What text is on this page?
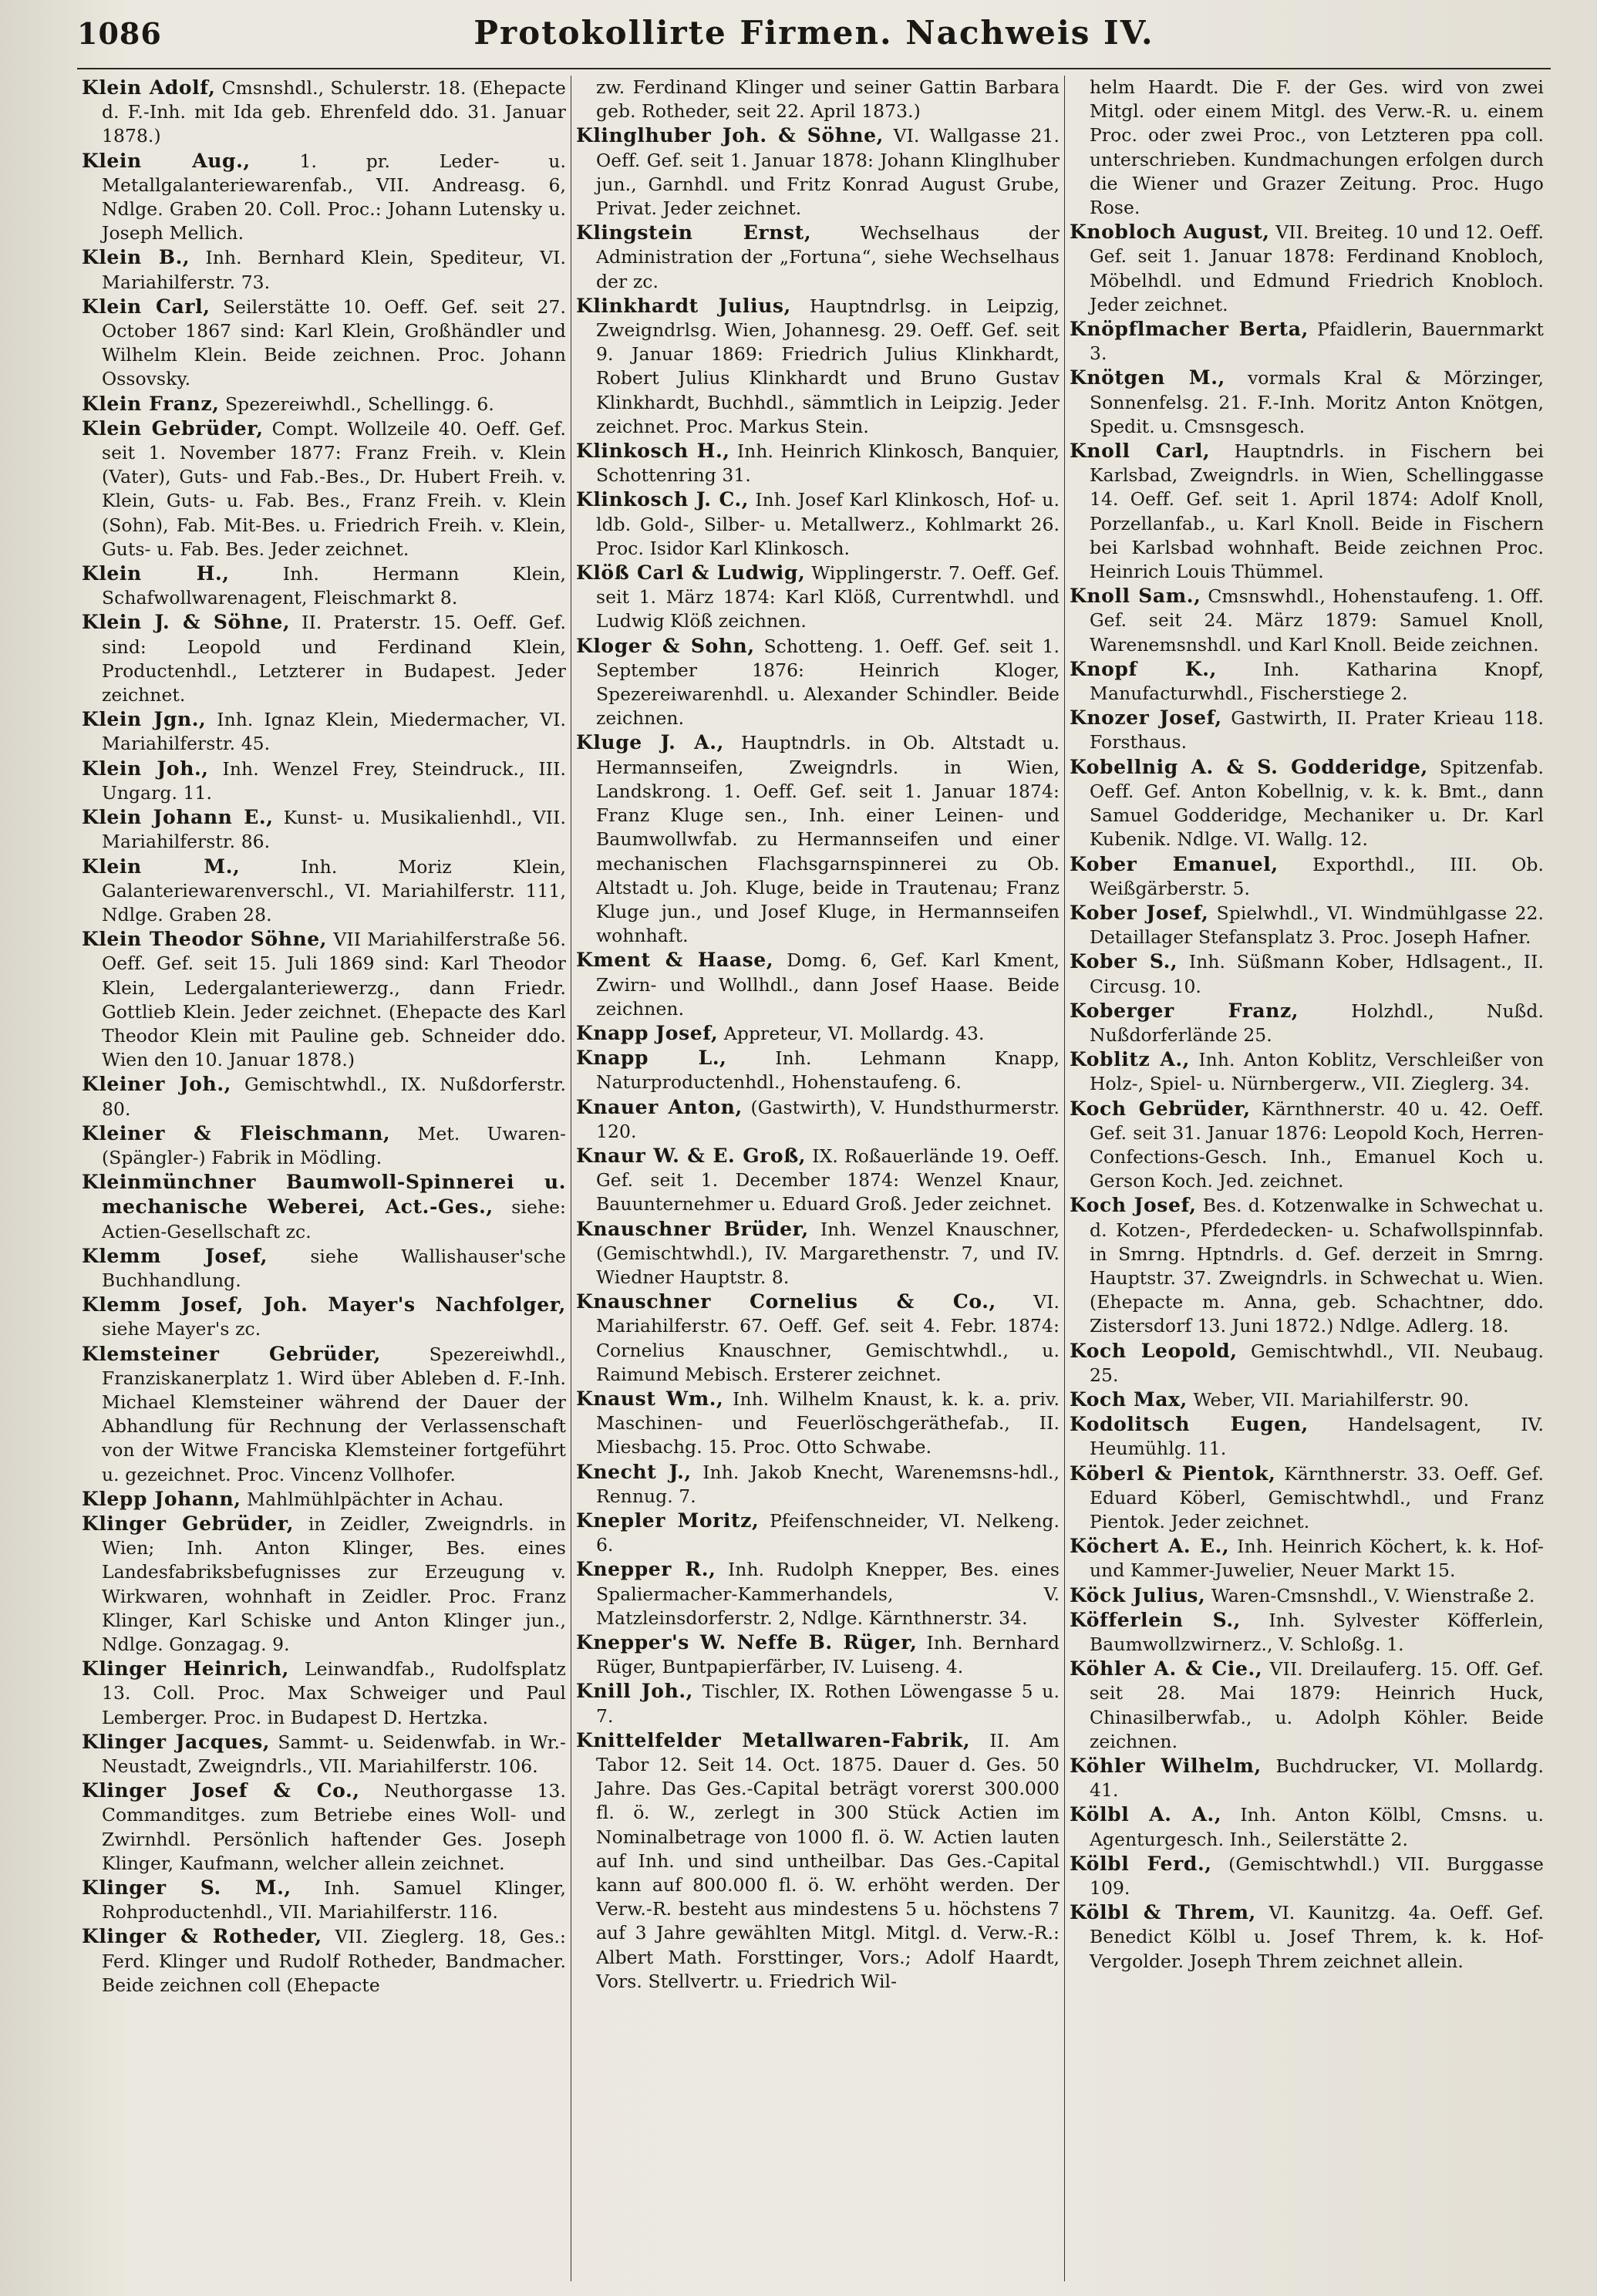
1086	Protokollirte Firmen. Nachweis IV.

Klein Adolf, Cmsnshdl., Schulerstr. 18. (Ehepacte d. F.-Inh. mit Ida geb. Ehrenfeld ddo. 31. Januar 1878.)

Klein Aug.,	1. pr. Leder- u. Metallgalanteriewarenfab., VII. Andreasg. 6, Ndlge. Graben 20. Coll. Proc.: Johann Lutensky u. Joseph Mellich.

Klein B., Inh. Bernhard Klein, Spediteur, VI. Mariahilferstr. 73.

Klein Carl, Seilerstätte 10. Oeff. Gef. seit 27. October 1867 sind: Karl Klein, Großhändler und Wilhelm Klein. Beide zeichnen. Proc. Johann Ossovsky.

Klein Franz, Spezereiwhdl., Schellingg. 6.

Klein Gebrüder, Compt. Wollzeile 40. Oeff. Gef. seit 1. November 1877: Franz Freih. v. Klein (Vater), Guts- und Fab.-Bes., Dr. Hubert Freih. v. Klein, Guts- u. Fab. Bes., Franz Freih. v. Klein (Sohn), Fab. Mit-Bes. u. Friedrich Freih. v. Klein, Guts- u. Fab. Bes. Jeder zeichnet.

Klein H.,	Inh. Hermann Klein, Schafwollwarenagent, Fleischmarkt 8.

Klein J. & Söhne, II. Praterstr. 15. Oeff. Gef. sind: Leopold und Ferdinand Klein, Productenhdl., Letzterer in Budapest. Jeder zeichnet.

Klein Jgn., Inh. Ignaz Klein, Miedermacher, VI. Mariahilferstr. 45.

Klein Joh., Inh. Wenzel Frey, Steindruck., III. Ungarg. 11.

Klein Johann E., Kunst- u. Musikalienhdl., VII. Mariahilferstr. 86.

Klein M.,	Inh. Moriz Klein, Galanteriewarenverschl., VI. Mariahilferstr. 111, Ndlge. Graben 28.

Klein Theodor Söhne, VII Mariahilferstraße 56. Oeff. Gef. seit 15. Juli 1869 sind: Karl Theodor Klein, Ledergalanteriewerzg., dann Friedr. Gottlieb Klein. Jeder zeichnet. (Ehepacte des Karl Theodor Klein mit Pauline geb. Schneider ddo. Wien den 10. Januar 1878.)

Kleiner Joh., Gemischtwhdl., IX. Nußdorferstr. 80.

Kleiner & Fleischmann, Met. Uwaren-(Spängler-) Fabrik in Mödling.

Kleinmünchner Baumwoll-Spinnerei u. mechanische Weberei, Act.-Ges., siehe: Actien-Gesellschaft zc.

Klemm Josef, siehe Wallishauser'sche Buchhandlung.

Klemm Josef, Joh. Mayer's Nachfolger, siehe Mayer's zc.

Klemsteiner Gebrüder,	Spezereiwhdl., Franziskanerplatz 1. Wird über Ableben d. F.-Inh. Michael Klemsteiner während der Dauer der Abhandlung für Rechnung der Verlassenschaft von der Witwe Franciska Klemsteiner fortgeführt u. gezeichnet. Proc. Vincenz Vollhofer.

Klepp Johann, Mahlmühlpächter in Achau.

Klinger Gebrüder, in Zeidler, Zweigndrls. in Wien; Inh. Anton Klinger, Bes. eines Landesfabriksbefugnisses zur Erzeugung v. Wirkwaren, wohnhaft in Zeidler. Proc. Franz Klinger, Karl Schiske und Anton Klinger jun., Ndlge. Gonzagag. 9.

Klinger Heinrich, Leinwandfab., Rudolfsplatz 13. Coll. Proc. Max Schweiger und Paul Lemberger. Proc. in Budapest D. Hertzka.

Klinger Jacques, Sammt- u. Seidenwfab. in Wr.-Neustadt, Zweigndrls., VII. Mariahilferstr. 106.

Klinger Josef & Co., Neuthorgasse 13. Commanditges. zum Betriebe eines Woll- und Zwirnhdl. Persönlich haftender Ges. Joseph Klinger, Kaufmann, welcher allein zeichnet.

Klinger S. M., Inh. Samuel Klinger, Rohproductenhdl., VII. Mariahilferstr. 116.

Klinger & Rotheder, VII. Zieglerg. 18, Ges.: Ferd. Klinger und Rudolf Rotheder, Bandmacher. Beide zeichnen coll (Ehepacte

zw. Ferdinand Klinger und seiner Gattin Barbara geb. Rotheder, seit 22. April 1873.)

Klinglhuber Joh. & Söhne, VI. Wallgasse 21. Oeff. Gef. seit 1. Januar 1878: Johann Klinglhuber jun., Garnhdl. und Fritz Konrad August Grube, Privat. Jeder zeichnet.

Klingstein Ernst,	Wechselhaus der Administration der „Fortuna“, siehe Wechselhaus der zc.

Klinkhardt Julius, Hauptndrlsg. in Leipzig, Zweigndrlsg. Wien, Johannesg. 29. Oeff. Gef. seit 9. Januar 1869: Friedrich Julius Klinkhardt, Robert Julius Klinkhardt und Bruno Gustav Klinkhardt, Buchhdl., sämmtlich in Leipzig. Jeder zeichnet. Proc. Markus Stein.

Klinkosch H., Inh. Heinrich Klinkosch, Banquier, Schottenring 31.

Klinkosch J. C., Inh. Josef Karl Klinkosch, Hof- u. ldb. Gold-, Silber- u. Metallwerz., Kohlmarkt 26. Proc. Isidor Karl Klinkosch.

Klöß Carl & Ludwig, Wipplingerstr. 7. Oeff. Gef. seit 1. März 1874: Karl Klöß, Currentwhdl. und Ludwig Klöß zeichnen.

Kloger & Sohn, Schotteng. 1. Oeff. Gef. seit 1. September 1876: Heinrich Kloger, Spezereiwarenhdl. u. Alexander Schindler. Beide zeichnen.

Kluge J. A., Hauptndrls. in Ob. Altstadt u. Hermannseifen, Zweigndrls. in Wien, Landskrong. 1. Oeff. Gef. seit 1. Januar 1874: Franz Kluge sen., Inh. einer Leinen- und Baumwollwfab. zu Hermannseifen und einer mechanischen Flachsgarnspinnerei zu Ob. Altstadt u. Joh. Kluge, beide in Trautenau; Franz Kluge jun., und Josef Kluge, in Hermannseifen wohnhaft.

Kment & Haase, Domg. 6, Gef. Karl Kment, Zwirn- und Wollhdl., dann Josef Haase. Beide zeichnen.

Knapp Josef, Appreteur, VI. Mollardg. 43.

Knapp L.,	Inh. Lehmann Knapp, Naturproductenhdl., Hohenstaufeng. 6.

Knauer Anton, (Gastwirth), V. Hundsthurmerstr. 120.

Knaur W. & E. Groß, IX. Roßauerlände 19. Oeff. Gef. seit 1. December 1874: Wenzel Knaur, Bauunternehmer u. Eduard Groß. Jeder zeichnet.

Knauschner Brüder, Inh. Wenzel Knauschner, (Gemischtwhdl.), IV. Margarethenstr. 7, und IV. Wiedner Hauptstr. 8.

Knauschner Cornelius & Co., VI. Mariahilferstr. 67. Oeff. Gef. seit 4. Febr. 1874: Cornelius Knauschner, Gemischtwhdl., u. Raimund Mebisch. Ersterer zeichnet.

Knaust Wm., Inh. Wilhelm Knaust, k. k. a. priv. Maschinen- und Feuerlöschgeräthefab., II. Miesbachg. 15. Proc. Otto Schwabe.

Knecht J., Inh. Jakob Knecht, Warenemsns-hdl., Rennug. 7.

Knepler Moritz, Pfeifenschneider, VI. Nelkeng. 6.

Knepper R., Inh. Rudolph Knepper, Bes. eines Spaliermacher-Kammerhandels, V. Matzleinsdorferstr. 2, Ndlge. Kärnthnerstr. 34.

Knepper's W. Neffe B. Rüger, Inh. Bernhard Rüger, Buntpapierfärber, IV. Luiseng. 4.

Knill Joh., Tischler, IX. Rothen Löwengasse 5 u. 7.

Knittelfelder Metallwaren-Fabrik, II. Am Tabor 12. Seit 14. Oct. 1875. Dauer d. Ges. 50 Jahre. Das Ges.-Capital beträgt vorerst 300.000 fl. ö. W., zerlegt in 300 Stück Actien im Nominalbetrage von 1000 fl. ö. W. Actien lauten auf Inh. und sind untheilbar. Das Ges.-Capital kann auf 800.000 fl. ö. W. erhöht werden. Der Verw.-R. besteht aus mindestens 5 u. höchstens 7 auf 3 Jahre gewählten Mitgl. Mitgl. d. Verw.-R.: Albert Math. Forsttinger, Vors.; Adolf Haardt, Vors. Stellvertr. u. Friedrich Wil-

helm Haardt. Die F. der Ges. wird von zwei Mitgl. oder einem Mitgl. des Verw.-R. u. einem Proc. oder zwei Proc., von Letzteren ppa coll. unterschrieben. Kundmachungen erfolgen durch die Wiener und Grazer Zeitung. Proc. Hugo Rose.

Knobloch August, VII. Breiteg. 10 und 12. Oeff. Gef. seit 1. Januar 1878: Ferdinand Knobloch, Möbelhdl. und Edmund Friedrich Knobloch. Jeder zeichnet.

Knöpflmacher Berta, Pfaidlerin, Bauernmarkt 3.

Knötgen M., vormals Kral & Mörzinger, Sonnenfelsg. 21. F.-Inh. Moritz Anton Knötgen, Spedit. u. Cmsnsgesch.

Knoll Carl, Hauptndrls. in Fischern bei Karlsbad, Zweigndrls. in Wien, Schellinggasse 14. Oeff. Gef. seit 1. April 1874: Adolf Knoll, Porzellanfab., u. Karl Knoll. Beide in Fischern bei Karlsbad wohnhaft. Beide zeichnen Proc. Heinrich Louis Thümmel.

Knoll Sam., Cmsnswhdl., Hohenstaufeng. 1. Off. Gef. seit 24. März 1879: Samuel Knoll, Warenemsnshdl. und Karl Knoll. Beide zeichnen.

Knopf K.,	Inh. Katharina Knopf, Manufacturwhdl., Fischerstiege 2.

Knozer Josef, Gastwirth, II. Prater Krieau 118. Forsthaus.

Kobellnig A. & S. Godderidge, Spitzenfab. Oeff. Gef. Anton Kobellnig, v. k. k. Bmt., dann Samuel Godderidge, Mechaniker u. Dr. Karl Kubenik. Ndlge. VI. Wallg. 12.

Kober Emanuel, Exporthdl., III. Ob. Weißgärberstr. 5.

Kober Josef, Spielwhdl., VI. Windmühlgasse 22. Detaillager Stefansplatz 3. Proc. Joseph Hafner.

Kober S., Inh. Süßmann Kober, Hdlsagent., II. Circusg. 10.

Koberger Franz,	Holzhdl., Nußd. Nußdorferlände 25.

Koblitz A., Inh. Anton Koblitz, Verschleißer von Holz-, Spiel- u. Nürnbergerw., VII. Zieglerg. 34.

Koch Gebrüder, Kärnthnerstr. 40 u. 42. Oeff. Gef. seit 31. Januar 1876: Leopold Koch, Herren-Confections-Gesch. Inh., Emanuel Koch u. Gerson Koch. Jed. zeichnet.

Koch Josef, Bes. d. Kotzenwalke in Schwechat u. d. Kotzen-, Pferdedecken- u. Schafwollspinnfab. in Smrng. Hptndrls. d. Gef. derzeit in Smrng. Hauptstr. 37. Zweigndrls. in Schwechat u. Wien. (Ehepacte m. Anna, geb. Schachtner, ddo. Zistersdorf 13. Juni 1872.) Ndlge. Adlerg. 18.

Koch Leopold, Gemischtwhdl., VII. Neubaug. 25.

Koch Max, Weber, VII. Mariahilferstr. 90.

Kodolitsch Eugen, Handelsagent, IV. Heumühlg. 11.

Köberl & Pientok, Kärnthnerstr. 33. Oeff. Gef. Eduard Köberl, Gemischtwhdl., und Franz Pientok. Jeder zeichnet.

Köchert A. E., Inh. Heinrich Köchert, k. k. Hof- und Kammer-Juwelier, Neuer Markt 15.

Köck Julius, Waren-Cmsnshdl., V. Wienstraße 2.

Köfferlein S., Inh. Sylvester Köfferlein, Baumwollzwirnerz., V. Schloßg. 1.

Köhler A. & Cie., VII. Dreilauferg. 15. Off. Gef. seit 28. Mai 1879: Heinrich Huck, Chinasilberwfab., u. Adolph Köhler. Beide zeichnen.

Köhler Wilhelm, Buchdrucker, VI. Mollardg. 41.

Kölbl A. A., Inh. Anton Kölbl, Cmsns. u. Agenturgesch. Inh., Seilerstätte 2.

Kölbl Ferd., (Gemischtwhdl.) VII. Burggasse 109.

Kölbl & Threm, VI. Kaunitzg. 4a. Oeff. Gef. Benedict Kölbl u. Josef Threm, k. k. Hof-Vergolder. Joseph Threm zeichnet allein.
